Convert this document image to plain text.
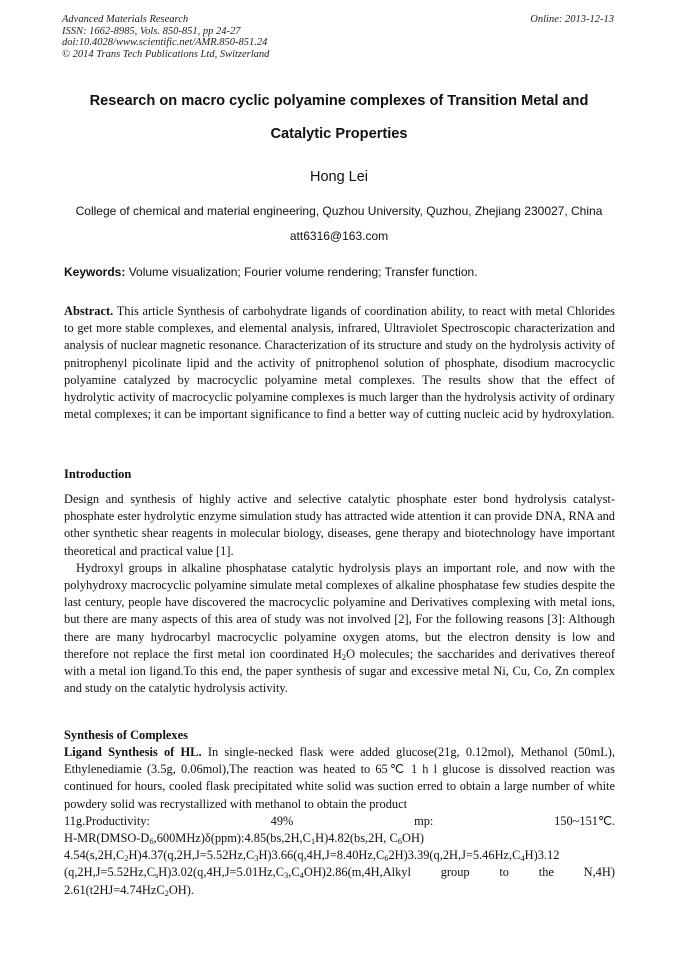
Advanced Materials Research
ISSN: 1662-8985, Vols. 850-851, pp 24-27
doi:10.4028/www.scientific.net/AMR.850-851.24
© 2014 Trans Tech Publications Ltd, Switzerland
Online: 2013-12-13
Research on macro cyclic polyamine complexes of Transition Metal and
Catalytic Properties
Hong Lei
College of chemical and material engineering, Quzhou University, Quzhou, Zhejiang 230027, China
att6316@163.com
Keywords: Volume visualization; Fourier volume rendering; Transfer function.

Abstract. This article Synthesis of carbohydrate ligands of coordination ability, to react with metal Chlorides to get more stable complexes, and elemental analysis, infrared, Ultraviolet Spectroscopic characterization and analysis of nuclear magnetic resonance. Characterization of its structure and study on the hydrolysis activity of pnitrophenyl picolinate lipid and the activity of pnitrophenol solution of phosphate, disodium macrocyclic polyamine catalyzed by macrocyclic polyamine metal complexes. The results show that the effect of hydrolytic activity of macrocyclic polyamine complexes is much larger than the hydrolysis activity of ordinary metal complexes; it can be important significance to find a better way of cutting nucleic acid by hydroxylation.

Introduction

Design and synthesis of highly active and selective catalytic phosphate ester bond hydrolysis catalyst-phosphate ester hydrolytic enzyme simulation study has attracted wide attention it can provide DNA, RNA and other synthetic shear reagents in molecular biology, diseases, gene therapy and biotechnology have important theoretical and practical value [1].

Hydroxyl groups in alkaline phosphatase catalytic hydrolysis plays an important role, and now with the polyhydroxy macrocyclic polyamine simulate metal complexes of alkaline phosphatase few studies despite the last century, people have discovered the macrocyclic polyamine and Derivatives complexing with metal ions, but there are many aspects of this area of study was not involved [2], For the following reasons [3]: Although there are many hydrocarbyl macrocyclic polyamine oxygen atoms, but the electron density is low and therefore not replace the first metal ion coordinated $H_2O$ molecules; the saccharides and derivatives thereof with a metal ion ligand.To this end, the paper synthesis of sugar and excessive metal Ni, Cu, Co, Zn complex and study on the catalytic hydrolysis activity.

Synthesis of Complexes

Ligand Synthesis of HL. In single-necked flask were added glucose(21g, 0.12mol), Methanol (50mL), Ethylenediamie (3.5g, 0.06mol),The reaction was heated to 65℃ 1 h l glucose is dissolved reaction was continued for hours, cooled flask precipitated white solid was suction erred to obtain a large number of white powdery solid was recrystallized with methanol to obtain the product

11g.Productivity:	49%	mp:	150~151℃.
$H-MR(DMSO-D_6,600MHz)\delta(ppm):4.85(bs,2H,C_1H)4.82(bs,2H$, $C_6OH$)
$4.54(s,2H,C_2H)4.37(q,2H,J=5.52Hz,C_3H)3.66(q,4H,J=8.40Hz,C_62H)3.39(q,2H,J=5.46Hz,C_4H)3.12$
$(q,2H,J=5.52Hz,C_sH)3.02(q,4H,J=5.01Hz,C_3,C_4OH)2.86(m,4H,Alkyl$ group to the N,4H)
2.61(t2HJ=4.74HzC$_2$OH).
